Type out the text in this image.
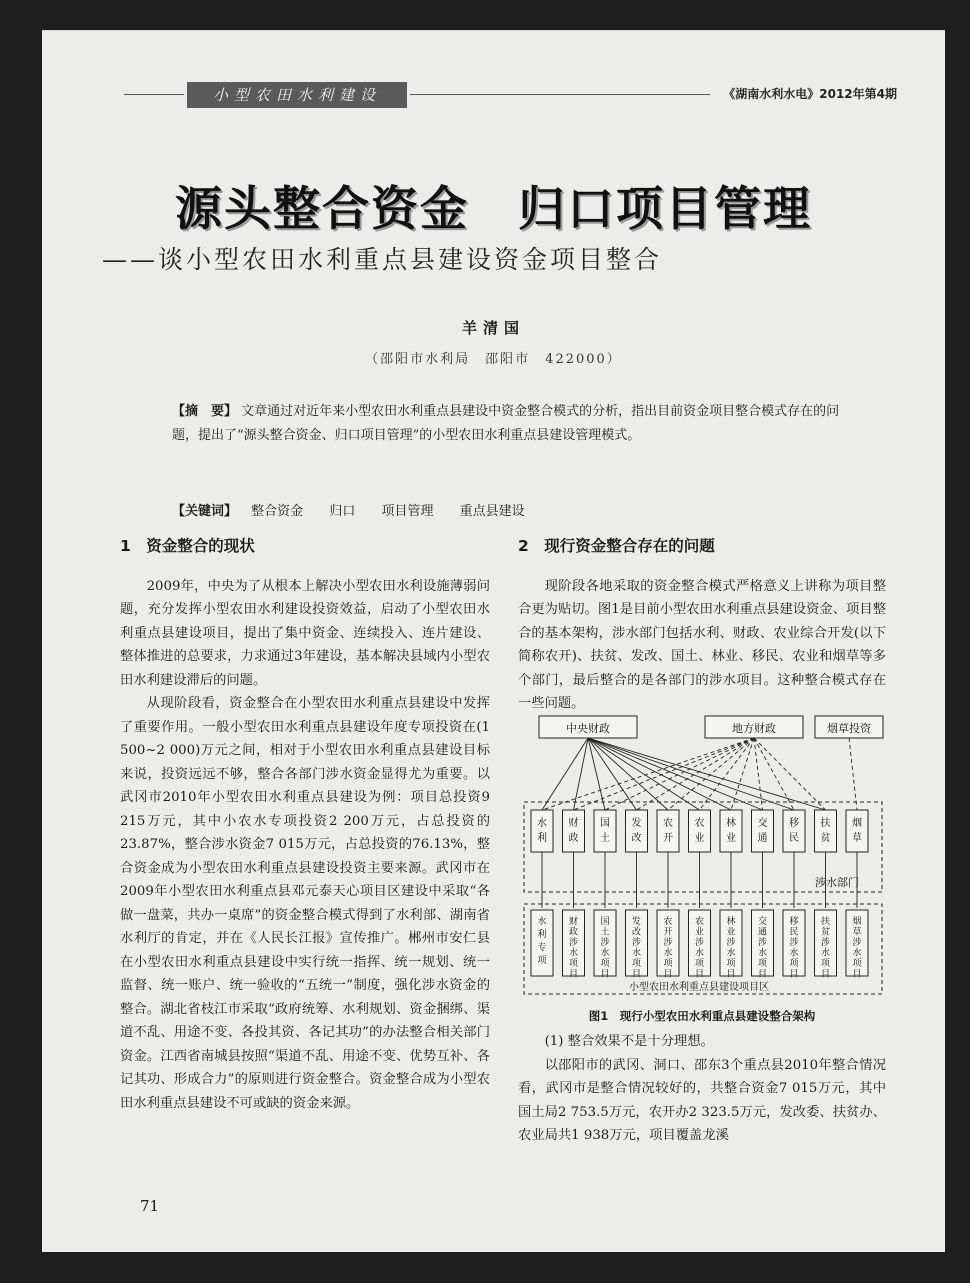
小型农田水利建设	《湖南水利水电》2012年第4期
源头整合资金　归口项目管理
——谈小型农田水利重点县建设资金项目整合
羊清国
（邵阳市水利局　邵阳市　422000）
【摘　要】 文章通过对近年来小型农田水利重点县建设中资金整合模式的分析，指出目前资金项目整合模式存在的问题，提出了“源头整合资金、归口项目管理”的小型农田水利重点县建设管理模式。
【关键词】 整合资金 归口 项目管理 重点县建设
1　资金整合的现状

2009年，中央为了从根本上解决小型农田水利设施薄弱问题，充分发挥小型农田水利建设投资效益，启动了小型农田水利重点县建设项目，提出了集中资金、连续投入、连片建设、整体推进的总要求，力求通过3年建设，基本解决县域内小型农田水利建设滞后的问题。

从现阶段看，资金整合在小型农田水利重点县建设中发挥了重要作用。一般小型农田水利重点县建设年度专项投资在(1 500~2 000)万元之间，相对于小型农田水利重点县建设目标来说，投资远远不够，整合各部门涉水资金显得尤为重要。以武冈市2010年小型农田水利重点县建设为例：项目总投资9 215万元，其中小农水专项投资2 200万元，占总投资的23.87%，整合涉水资金7 015万元，占总投资的76.13%，整合资金成为小型农田水利重点县建设投资主要来源。武冈市在2009年小型农田水利重点县邓元泰天心项目区建设中采取“各做一盘菜，共办一桌席”的资金整合模式得到了水利部、湖南省水利厅的肯定，并在《人民长江报》宣传推广。郴州市安仁县在小型农田水利重点县建设中实行统一指挥、统一规划、统一监督、统一账户、统一验收的“五统一”制度，强化涉水资金的整合。湖北省枝江市采取“政府统筹、水利规划、资金捆绑、渠道不乱、用途不变、各投其资、各记其功”的办法整合相关部门资金。江西省南城县按照“渠道不乱、用途不变、优势互补、各记其功、形成合力”的原则进行资金整合。资金整合成为小型农田水利重点县建设不可或缺的资金来源。

2　现行资金整合存在的问题

现阶段各地采取的资金整合模式严格意义上讲称为项目整合更为贴切。图1是目前小型农田水利重点县建设资金、项目整合的基本架构，涉水部门包括水利、财政、农业综合开发(以下简称农开)、扶贫、发改、国土、林业、移民、农业和烟草等多个部门，最后整合的是各部门的涉水项目。这种整合模式存在一些问题。

水
利
财
政
国
土
发
改
农
开
农
业
林
业
交
通
移
民
扶
贫
烟
草
水
利
专
项
财
政
涉
水
项
目
国
土
涉
水
项
目
发
改
涉
水
项
目
农
开
涉
水
项
目
农
业
涉
水
项
目
林
业
涉
水
项
目
交
通
涉
水
项
目
移
民
涉
水
项
目
扶
贫
涉
水
项
目
烟
草
涉
水
项
目
中央财政	地方财政	烟草投资
涉水部门
小型农田水利重点县建设项目区
图1　现行小型农田水利重点县建设整合架构

(1) 整合效果不是十分理想。

以邵阳市的武冈、洞口、邵东3个重点县2010年整合情况看，武冈市是整合情况较好的，共整合资金7 015万元，其中国土局2 753.5万元，农开办2 323.5万元，发改委、扶贫办、农业局共1 938万元，项目覆盖龙溪

71
